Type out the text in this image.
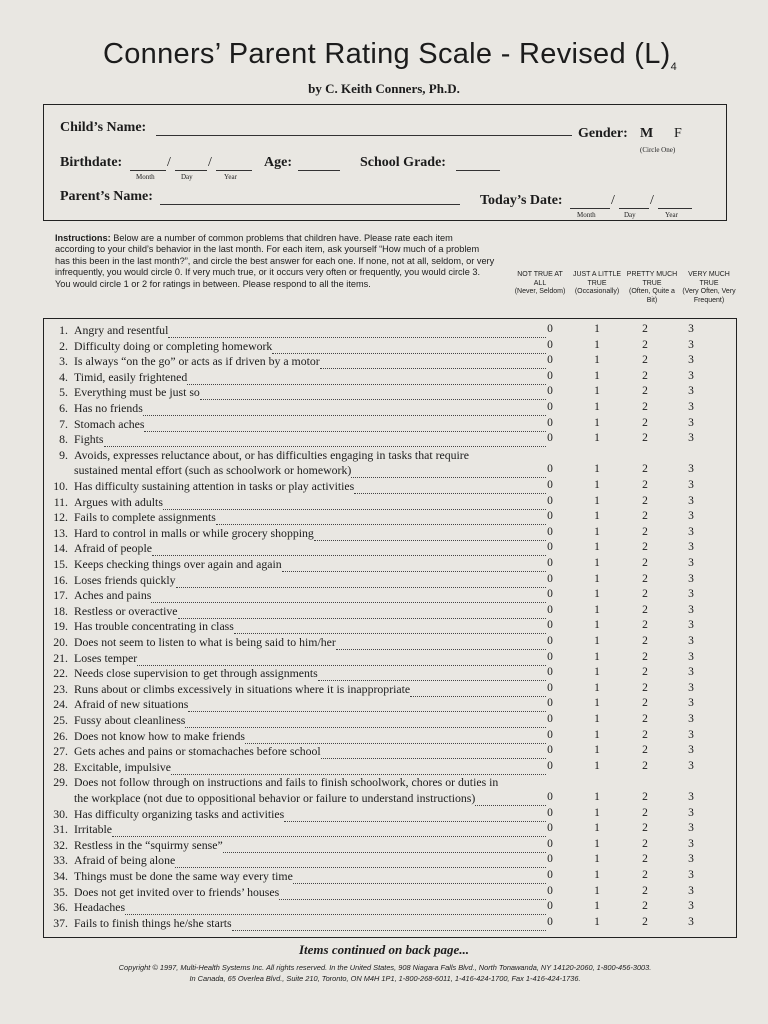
Conners’ Parent Rating Scale - Revised $(L)_4$
by C. Keith Conners, Ph.D.
Child’s Name:	Gender: M F
(Circle One)
Birthdate:	/	/
Month	Day	Year
Age:	School Grade:
Parent’s Name:	Today’s Date:	/	/
Month	Day	Year
Instructions: Below are a number of common problems that children have. Please rate each item according to your child’s behavior in the last month. For each item, ask yourself “How much of a problem has this been in the last month?”, and circle the best answer for each one. If none, not at all, seldom, or very infrequently, you would circle 0. If very much true, or it occurs very often or frequently, you would circle 3. You would circle 1 or 2 for ratings in between. Please respond to all the items.
NOT TRUE AT ALL
(Never, Seldom)
JUST A LITTLE TRUE
(Occasionally)
PRETTY MUCH TRUE
(Often, Quite a Bit)
VERY MUCH TRUE
(Very Often, Very Frequent)
1. Angry and resentful	0	1	2	3
2. Difficulty doing or completing homework	0	1	2	3
3. Is always “on the go” or acts as if driven by a motor	0	1	2	3
4. Timid, easily frightened	0	1	2	3
5. Everything must be just so	0	1	2	3
6. Has no friends	0	1	2	3
7. Stomach aches	0	1	2	3
8. Fights	0	1	2	3
9. Avoids, expresses reluctance about, or has difficulties engaging in tasks that require
sustained mental effort (such as schoolwork or homework)	0	1	2	3
10. Has difficulty sustaining attention in tasks or play activities	0	1	2	3
11. Argues with adults	0	1	2	3
12. Fails to complete assignments	0	1	2	3
13. Hard to control in malls or while grocery shopping	0	1	2	3
14. Afraid of people	0	1	2	3
15. Keeps checking things over again and again	0	1	2	3
16. Loses friends quickly	0	1	2	3
17. Aches and pains	0	1	2	3
18. Restless or overactive	0	1	2	3
19. Has trouble concentrating in class	0	1	2	3
20. Does not seem to listen to what is being said to him/her	0	1	2	3
21. Loses temper	0	1	2	3
22. Needs close supervision to get through assignments	0	1	2	3
23. Runs about or climbs excessively in situations where it is inappropriate	0	1	2	3
24. Afraid of new situations	0	1	2	3
25. Fussy about cleanliness	0	1	2	3
26. Does not know how to make friends	0	1	2	3
27. Gets aches and pains or stomachaches before school	0	1	2	3
28. Excitable, impulsive	0	1	2	3
29. Does not follow through on instructions and fails to finish schoolwork, chores or duties in
the workplace (not due to oppositional behavior or failure to understand instructions)	0	1	2	3
30. Has difficulty organizing tasks and activities	0	1	2	3
31. Irritable	0	1	2	3
32. Restless in the “squirmy sense”	0	1	2	3
33. Afraid of being alone	0	1	2	3
34. Things must be done the same way every time	0	1	2	3
35. Does not get invited over to friends’ houses	0	1	2	3
36. Headaches	0	1	2	3
37. Fails to finish things he/she starts	0	1	2	3
Items continued on back page...
Copyright © 1997, Multi-Health Systems Inc. All rights reserved. In the United States, 908 Niagara Falls Blvd., North Tonawanda, NY 14120-2060, 1-800-456-3003.
In Canada, 65 Overlea Blvd., Suite 210, Toronto, ON M4H 1P1, 1-800-268-6011, 1-416-424-1700, Fax 1-416-424-1736.
